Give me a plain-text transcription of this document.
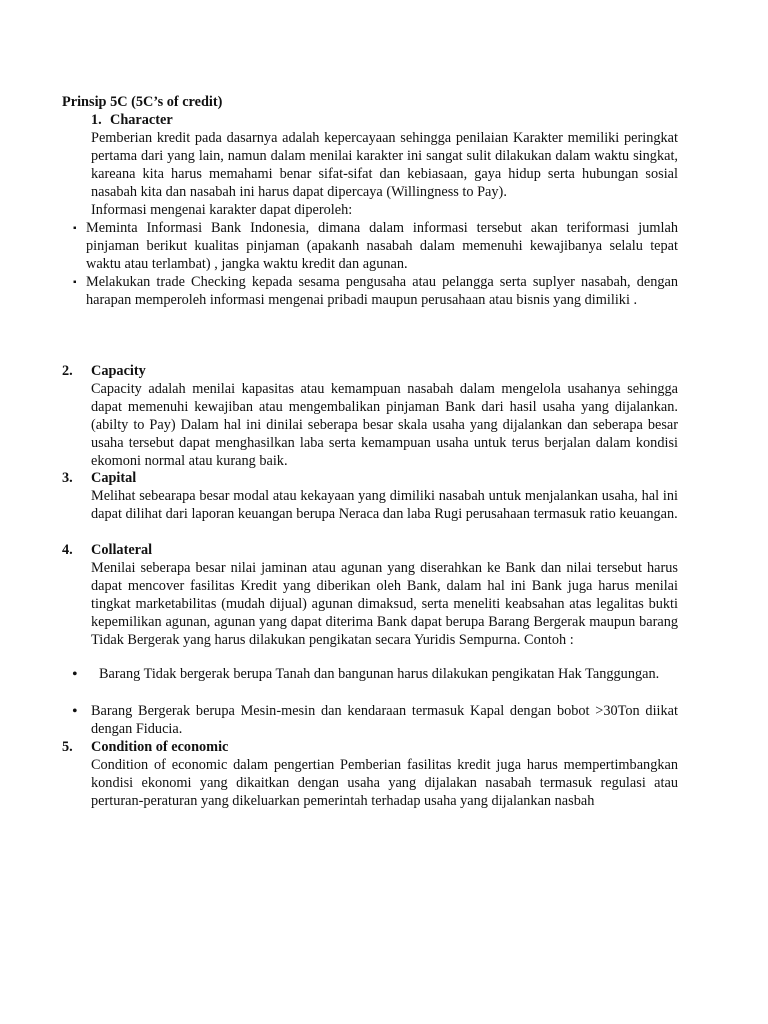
Prinsip 5C (5C’s of credit)
1. Character
Pemberian kredit pada dasarnya adalah kepercayaan sehingga penilaian Karakter memiliki peringkat pertama dari yang lain, namun dalam menilai karakter ini sangat sulit dilakukan dalam waktu singkat, kareana kita harus memahami benar sifat-sifat dan kebiasaan, gaya hidup serta hubungan sosial nasabah kita dan nasabah ini harus dapat dipercaya (Willingness to Pay).
Informasi mengenai karakter dapat diperoleh:
▪ Meminta Informasi Bank Indonesia, dimana dalam informasi tersebut akan teriformasi jumlah pinjaman berikut kualitas pinjaman (apakanh nasabah dalam memenuhi kewajibanya selalu tepat waktu atau terlambat) , jangka waktu kredit dan agunan.
▪ Melakukan trade Checking kepada sesama pengusaha atau pelangga serta suplyer nasabah, dengan harapan memperoleh informasi mengenai pribadi maupun perusahaan atau bisnis yang dimiliki .
2. Capacity
Capacity adalah menilai kapasitas atau kemampuan nasabah dalam mengelola usahanya sehingga dapat memenuhi kewajiban atau mengembalikan pinjaman Bank dari hasil usaha yang dijalankan. (abilty to Pay) Dalam hal ini dinilai seberapa besar skala usaha yang dijalankan dan seberapa besar usaha tersebut dapat menghasilkan laba serta kemampuan usaha untuk terus berjalan dalam kondisi ekomoni normal atau kurang baik.
3. Capital
Melihat sebearapa besar modal atau kekayaan yang dimiliki nasabah untuk menjalankan usaha, hal ini dapat dilihat dari laporan keuangan berupa Neraca dan laba Rugi perusahaan termasuk ratio keuangan.
4. Collateral
Menilai seberapa besar nilai jaminan atau agunan yang diserahkan ke Bank dan nilai tersebut harus dapat mencover fasilitas Kredit yang diberikan oleh Bank, dalam hal ini Bank juga harus menilai tingkat marketabilitas (mudah dijual) agunan dimaksud, serta meneliti keabsahan atas legalitas bukti kepemilikan agunan, agunan yang dapat diterima Bank dapat berupa Barang Bergerak maupun barang Tidak Bergerak yang harus dilakukan pengikatan secara Yuridis Sempurna. Contoh :
•	Barang Tidak bergerak berupa Tanah dan bangunan harus dilakukan pengikatan Hak Tanggungan.
• Barang Bergerak berupa Mesin-mesin dan kendaraan termasuk Kapal dengan bobot >30Ton diikat dengan Fiducia.
5. Condition of economic
Condition of economic dalam pengertian Pemberian fasilitas kredit juga harus mempertimbangkan kondisi ekonomi yang dikaitkan dengan usaha yang dijalakan nasabah termasuk regulasi atau perturan-peraturan yang dikeluarkan pemerintah terhadap usaha yang dijalankan nasbah
